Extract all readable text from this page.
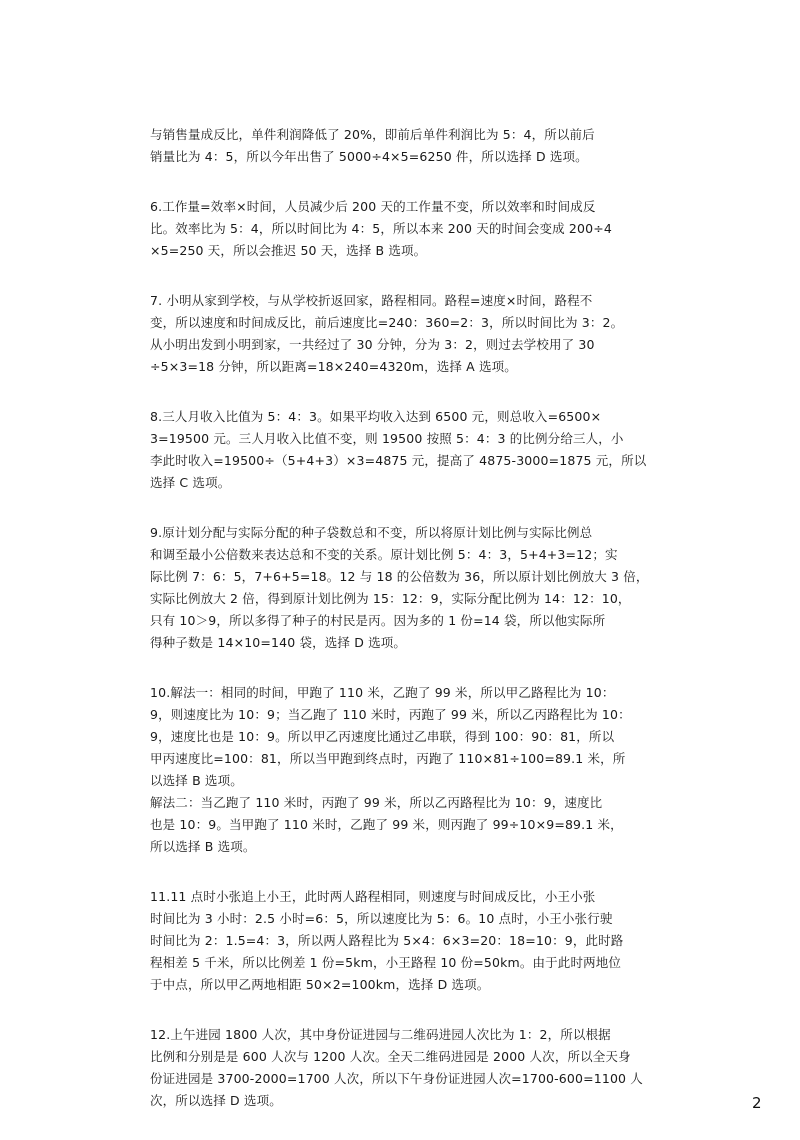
与销售量成反比，单件利润降低了 20%，即前后单件利润比为 5：4，所以前后
销量比为 4：5，所以今年出售了 5000÷4×5=6250 件，所以选择 D 选项。
6.工作量=效率×时间，人员减少后 200 天的工作量不变，所以效率和时间成反
比。效率比为 5：4，所以时间比为 4：5，所以本来 200 天的时间会变成 200÷4
×5=250 天，所以会推迟 50 天，选择 B 选项。
7. 小明从家到学校，与从学校折返回家，路程相同。路程=速度×时间，路程不
变，所以速度和时间成反比，前后速度比=240：360=2：3，所以时间比为 3：2。
从小明出发到小明到家，一共经过了 30 分钟，分为 3：2，则过去学校用了 30
÷5×3=18 分钟，所以距离=18×240=4320m，选择 A 选项。
8.三人月收入比值为 5：4：3。如果平均收入达到 6500 元，则总收入=6500×
3=19500 元。三人月收入比值不变，则 19500 按照 5：4：3 的比例分给三人，小
李此时收入=19500÷（5+4+3）×3=4875 元，提高了 4875-3000=1875 元，所以
选择 C 选项。
9.原计划分配与实际分配的种子袋数总和不变，所以将原计划比例与实际比例总
和调至最小公倍数来表达总和不变的关系。原计划比例 5：4：3，5+4+3=12；实
际比例 7：6：5，7+6+5=18。12 与 18 的公倍数为 36，所以原计划比例放大 3 倍，
实际比例放大 2 倍，得到原计划比例为 15：12：9，实际分配比例为 14：12：10，
只有 10＞9，所以多得了种子的村民是丙。因为多的 1 份=14 袋，所以他实际所
得种子数是 14×10=140 袋，选择 D 选项。
10.解法一：相同的时间，甲跑了 110 米，乙跑了 99 米，所以甲乙路程比为 10：
9，则速度比为 10：9；当乙跑了 110 米时，丙跑了 99 米，所以乙丙路程比为 10：
9，速度比也是 10：9。所以甲乙丙速度比通过乙串联，得到 100：90：81，所以
甲丙速度比=100：81，所以当甲跑到终点时，丙跑了 110×81÷100=89.1 米，所
以选择 B 选项。
解法二：当乙跑了 110 米时，丙跑了 99 米，所以乙丙路程比为 10：9，速度比
也是 10：9。当甲跑了 110 米时，乙跑了 99 米，则丙跑了 99÷10×9=89.1 米，
所以选择 B 选项。
11.11 点时小张追上小王，此时两人路程相同，则速度与时间成反比，小王小张
时间比为 3 小时：2.5 小时=6：5，所以速度比为 5：6。10 点时，小王小张行驶
时间比为 2：1.5=4：3，所以两人路程比为 5×4：6×3=20：18=10：9，此时路
程相差 5 千米，所以比例差 1 份=5km，小王路程 10 份=50km。由于此时两地位
于中点，所以甲乙两地相距 50×2=100km，选择 D 选项。
12.上午进园 1800 人次，其中身份证进园与二维码进园人次比为 1：2，所以根据
比例和分别是是 600 人次与 1200 人次。全天二维码进园是 2000 人次，所以全天身
份证进园是 3700-2000=1700 人次，所以下午身份证进园人次=1700-600=1100 人
次，所以选择 D 选项。	2
